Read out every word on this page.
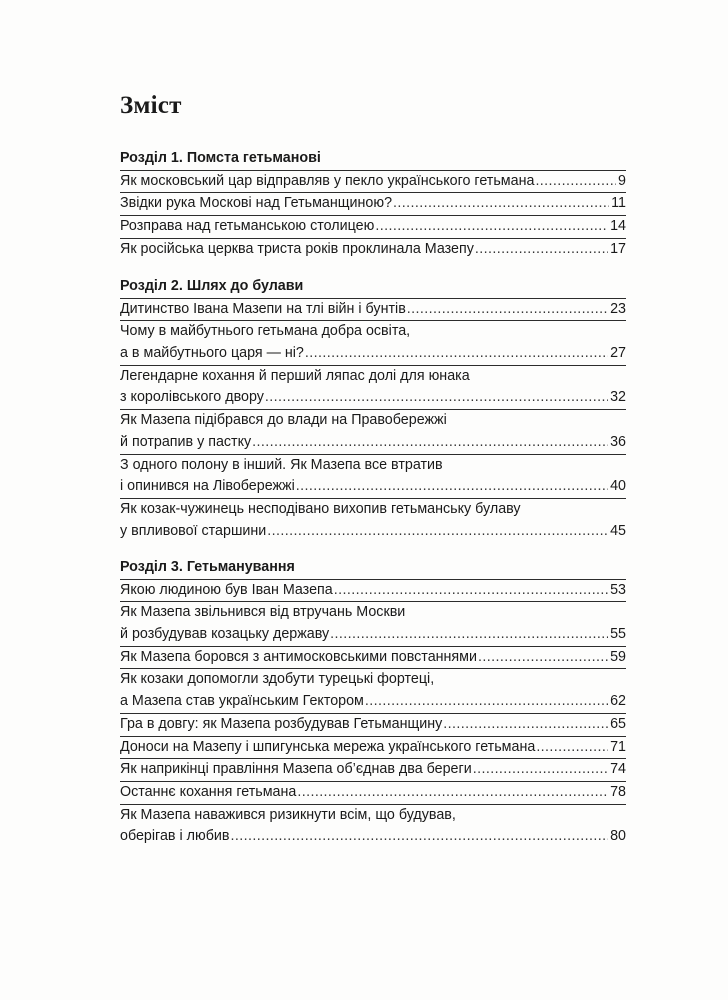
Зміст
Розділ 1. Помста гетьманові
Як московський цар відправляв у пекло українського гетьмана .....	9
Звідки рука Москові над Гетьманщиною? .....	11
Розправа над гетьманською столицею .....	14
Як російська церква триста років проклинала Мазепу .....	17
Розділ 2. Шлях до булави
Дитинство Івана Мазепи на тлі війн і бунтів .....	23
Чому в майбутнього гетьмана добра освіта,
а в майбутнього царя — ні? .....	27
Легендарне кохання й перший ляпас долі для юнака
з королівського двору .....	32
Як Мазепа підібрався до влади на Правобережжі
й потрапив у пастку .....	36
З одного полону в інший. Як Мазепа все втратив
і опинився на Лівобережжі .....	40
Як козак-чужинець несподівано вихопив гетьманську булаву
у впливової старшини .....	45
Розділ 3. Гетьманування
Якою людиною був Іван Мазепа .....	53
Як Мазепа звільнився від втручань Москви
й розбудував козацьку державу .....	55
Як Мазепа боровся з антимосковськими повстаннями .....	59
Як козаки допомогли здобути турецькі фортеці,
а Мазепа став українським Гектором .....	62
Гра в довгу: як Мазепа розбудував Гетьманщину .....	65
Доноси на Мазепу і шпигунська мережа українського гетьмана .....	71
Як наприкінці правління Мазепа об’єднав два береги .....	74
Останнє кохання гетьмана .....	78
Як Мазепа наважився ризикнути всім, що будував,
оберігав і любив .....	80
